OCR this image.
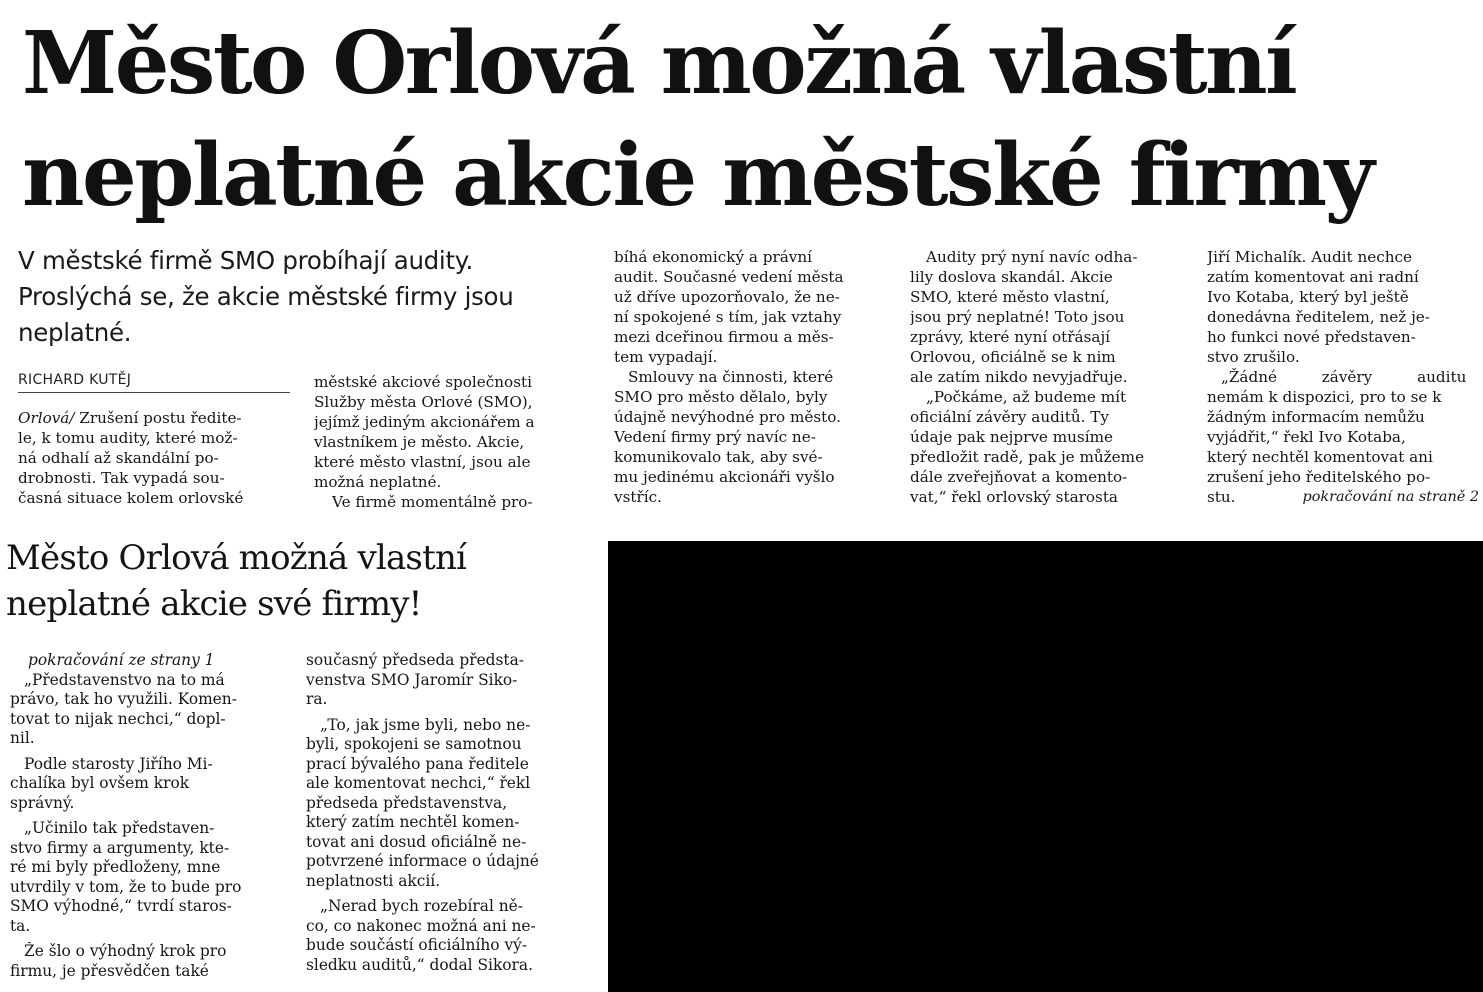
Město Orlová možná vlastní
neplatné akcie městské firmy
V městské firmě SMO probíhají audity.
Proslýchá se, že akcie městské firmy jsou
neplatné.
RICHARD KUTĚJ
Orlová/ Zrušení postu ředite-
le, k tomu audity, které mož-
ná odhalí až skandální po-
drobnosti. Tak vypadá sou-
časná situace kolem orlovské
městské akciové společnosti
Služby města Orlové (SMO),
jejímž jediným akcionářem a
vlastníkem je město. Akcie,
které město vlastní, jsou ale
možná neplatné.
Ve firmě momentálně pro-
bíhá ekonomický a právní
audit. Současné vedení města
už dříve upozorňovalo, že ne-
ní spokojené s tím, jak vztahy
mezi dceřinou firmou a měs-
tem vypadají.
Smlouvy na činnosti, které
SMO pro město dělalo, byly
údajně nevýhodné pro město.
Vedení firmy prý navíc ne-
komunikovalo tak, aby své-
mu jedinému akcionáři vyšlo
vstříc.
Audity prý nyní navíc odha-
lily doslova skandál. Akcie
SMO, které město vlastní,
jsou prý neplatné! Toto jsou
zprávy, které nyní otřásají
Orlovou, oficiálně se k nim
ale zatím nikdo nevyjadřuje.
„Počkáme, až budeme mít
oficiální závěry auditů. Ty
údaje pak nejprve musíme
předložit radě, pak je můžeme
dále zveřejňovat a komento-
vat,“ řekl orlovský starosta
Jiří Michalík. Audit nechce
zatím komentovat ani radní
Ivo Kotaba, který byl ještě
donedávna ředitelem, než je-
ho funkci nové představen-
stvo zrušilo.
„Žádné závěry auditu
nemám k dispozici, pro to se k
žádným informacím nemůžu
vyjádřit,“ řekl Ivo Kotaba,
který nechtěl komentovat ani
zrušení jeho ředitelského po-
stu.	pokračování na straně 2
Město Orlová možná vlastní
neplatné akcie své firmy!
pokračování ze strany 1
„Představenstvo na to má
právo, tak ho využili. Komen-
tovat to nijak nechci,“ dopl-
nil.
Podle starosty Jiřího Mi-
chalíka byl ovšem krok
správný.
„Učinilo tak představen-
stvo firmy a argumenty, kte-
ré mi byly předloženy, mne
utvrdily v tom, že to bude pro
SMO výhodné,“ tvrdí staros-
ta.
Že šlo o výhodný krok pro
firmu, je přesvědčen také
současný předseda předsta-
venstva SMO Jaromír Siko-
ra.
„To, jak jsme byli, nebo ne-
byli, spokojeni se samotnou
prací bývalého pana ředitele
ale komentovat nechci,“ řekl
předseda představenstva,
který zatím nechtěl komen-
tovat ani dosud oficiálně ne-
potvrzené informace o údajné
neplatnosti akcií.
„Nerad bych rozebíral ně-
co, co nakonec možná ani ne-
bude součástí oficiálního vý-
sledku auditů,“ dodal Sikora.
